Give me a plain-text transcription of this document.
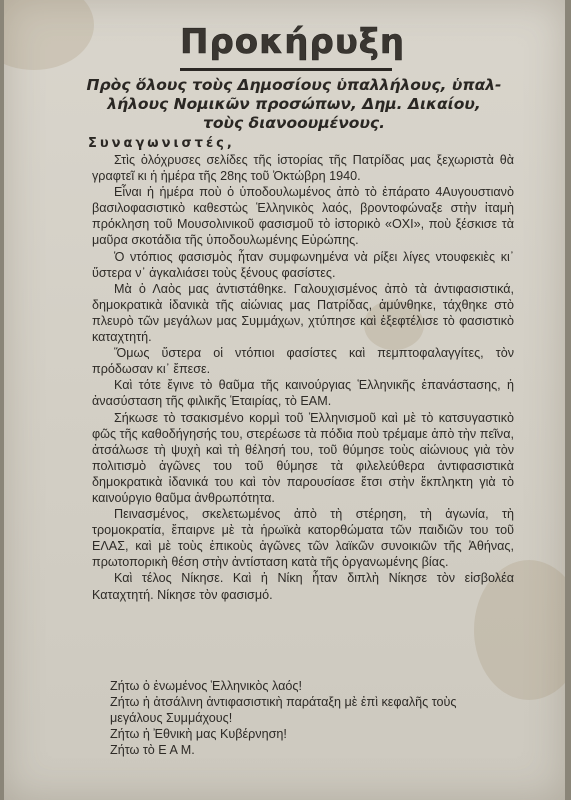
Προκήρυξη
Πρὸς ὅλους τοὺς Δημοσίους ὑπαλλήλους, ὑπαλ-
λήλους Νομικῶν προσώπων, Δημ. Δικαίου,
τοὺς διανοουμένους.
Συναγωνιστές,

Στὶς ὁλόχρυσες σελίδες τῆς ἱστορίας τῆς Πατρίδας μας ξεχωριστὰ θὰ γραφτεῖ κι ἡ ἡμέρα τῆς 28ης τοῦ Ὀκτώβρη 1940.

Εἶναι ἡ ἡμέρα ποὺ ὁ ὑποδουλωμένος ἀπὸ τὸ ἐπάρατο 4Αυγουστιανὸ βασιλοφασιστικὸ καθεστὼς Ἑλληνικὸς λαός, βροντοφώναξε στὴν ἰταμὴ πρόκληση τοῦ Μουσολινικοῦ φασισμοῦ τὸ ἱστορικὸ «ΟΧΙ», ποὺ ξέσκισε τὰ μαῦρα σκοτάδια τῆς ὑποδουλωμένης Εὐρώπης.

Ὁ ντόπιος φασισμὸς ἦταν συμφωνημένα νὰ ρίξει λίγες ντουφεκιὲς κι᾽ ὕστερα ν᾽ ἀγκαλιάσει τοὺς ξένους φασίστες.

Μὰ ὁ Λαὸς μας ἀντιστάθηκε. Γαλουχισμένος ἀπὸ τὰ ἀντιφασιστικά, δημοκρατικὰ ἰδανικὰ τῆς αἰώνιας μας Πατρίδας, ἀμύνθηκε, τάχθηκε στὸ πλευρὸ τῶν μεγάλων μας Συμμάχων, χτύπησε καὶ ἐξεφτέλισε τὸ φασιστικὸ καταχτητή.

Ὅμως ὕστερα οἱ ντόπιοι φασίστες καὶ πεμπτοφαλαγγίτες, τὸν πρόδωσαν κι᾽ ἔπεσε.

Καὶ τότε ἔγινε τὸ θαῦμα τῆς καινούργιας Ἑλληνικῆς ἐπανάστασης, ἡ ἀνασύσταση τῆς φιλικῆς Ἑταιρίας, τὸ ΕΑΜ.

Σήκωσε τὸ τσακισμένο κορμὶ τοῦ Ἑλληνισμοῦ καὶ μὲ τὸ κατσυγαστικὸ φῶς τῆς καθοδήγησής του, στερέωσε τὰ πόδια ποὺ τρέμαμε ἀπὸ τὴν πεῖνα, ἀτσάλωσε τὴ ψυχὴ καὶ τὴ θέλησή του, τοῦ θύμησε τοὺς αἰώνιους γιὰ τὸν πολιτισμὸ ἀγῶνες του τοῦ θύμησε τὰ φιλελεύθερα ἀντιφασιστικὰ δημοκρατικὰ ἰδανικά του καὶ τὸν παρουσίασε ἔτσι στὴν ἔκπληκτη γιὰ τὸ καινούργιο θαῦμα ἀνθρωπότητα.

Πεινασμένος, σκελετωμένος ἀπὸ τὴ στέρηση, τὴ ἀγωνία, τὴ τρομοκρατία, ἔπαιρνε μὲ τὰ ἡρωϊκὰ κατορθώματα τῶν παιδιῶν του τοῦ ΕΛΑΣ, καὶ μὲ τοὺς ἐπικοὺς ἀγῶνες τῶν λαϊκῶν συνοικιῶν τῆς Ἀθήνας, πρωτοπορικὴ θέση στὴν ἀντίσταση κατὰ τῆς ὀργανωμένης βίας.

Καὶ τέλος Νίκησε. Καὶ ἡ Νίκη ἦταν διπλὴ Νίκησε τὸν εἰσβολέα Καταχτητή. Νίκησε τὸν φασισμό.

Ζήτω ὁ ἑνωμένος Ἑλληνικὸς λαός!
Ζήτω ἡ ἀτσάλινη ἀντιφασιστικὴ παράταξη μὲ ἐπὶ κεφαλῆς τοὺς μεγάλους Συμμάχους!
Ζήτω ἡ Ἐθνικὴ μας Κυβέρνηση!
Ζήτω τὸ Ε Α Μ.
